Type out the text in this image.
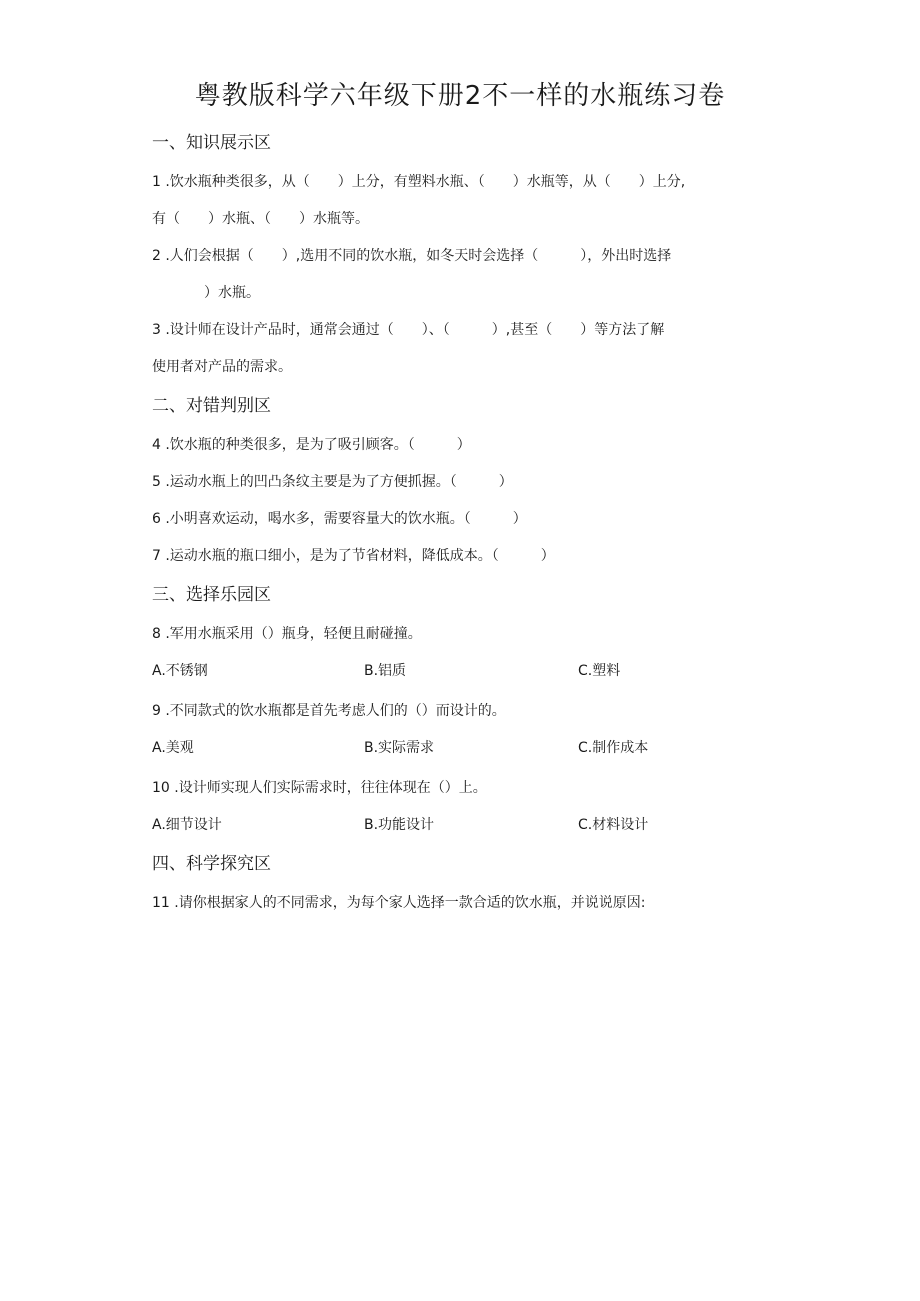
粤教版科学六年级下册2不一样的水瓶练习卷
一、知识展示区
1 .饮水瓶种类很多，从（　　）上分，有塑料水瓶、（　　）水瓶等，从（　　）上分,
有（　　）水瓶、（　　）水瓶等。
2 .人们会根据（　　）,选用不同的饮水瓶，如冬天时会选择（　　　），外出时选择
）水瓶。
3 .设计师在设计产品时，通常会通过（　　）、（　　　）,甚至（　　）等方法了解
使用者对产品的需求。
二、对错判别区
4 .饮水瓶的种类很多，是为了吸引顾客。（　　　）
5 .运动水瓶上的凹凸条纹主要是为了方便抓握。（　　　）
6 .小明喜欢运动，喝水多，需要容量大的饮水瓶。（　　　）
7 .运动水瓶的瓶口细小，是为了节省材料，降低成本。（　　　）
三、选择乐园区
8 .军用水瓶采用（）瓶身，轻便且耐碰撞。
A.不锈钢	B.铝质	C.塑料
9 .不同款式的饮水瓶都是首先考虑人们的（）而设计的。
A.美观	B.实际需求	C.制作成本
10 .设计师实现人们实际需求时，往往体现在（）上。
A.细节设计	B.功能设计	C.材料设计
四、科学探究区
11 .请你根据家人的不同需求，为每个家人选择一款合适的饮水瓶，并说说原因:
